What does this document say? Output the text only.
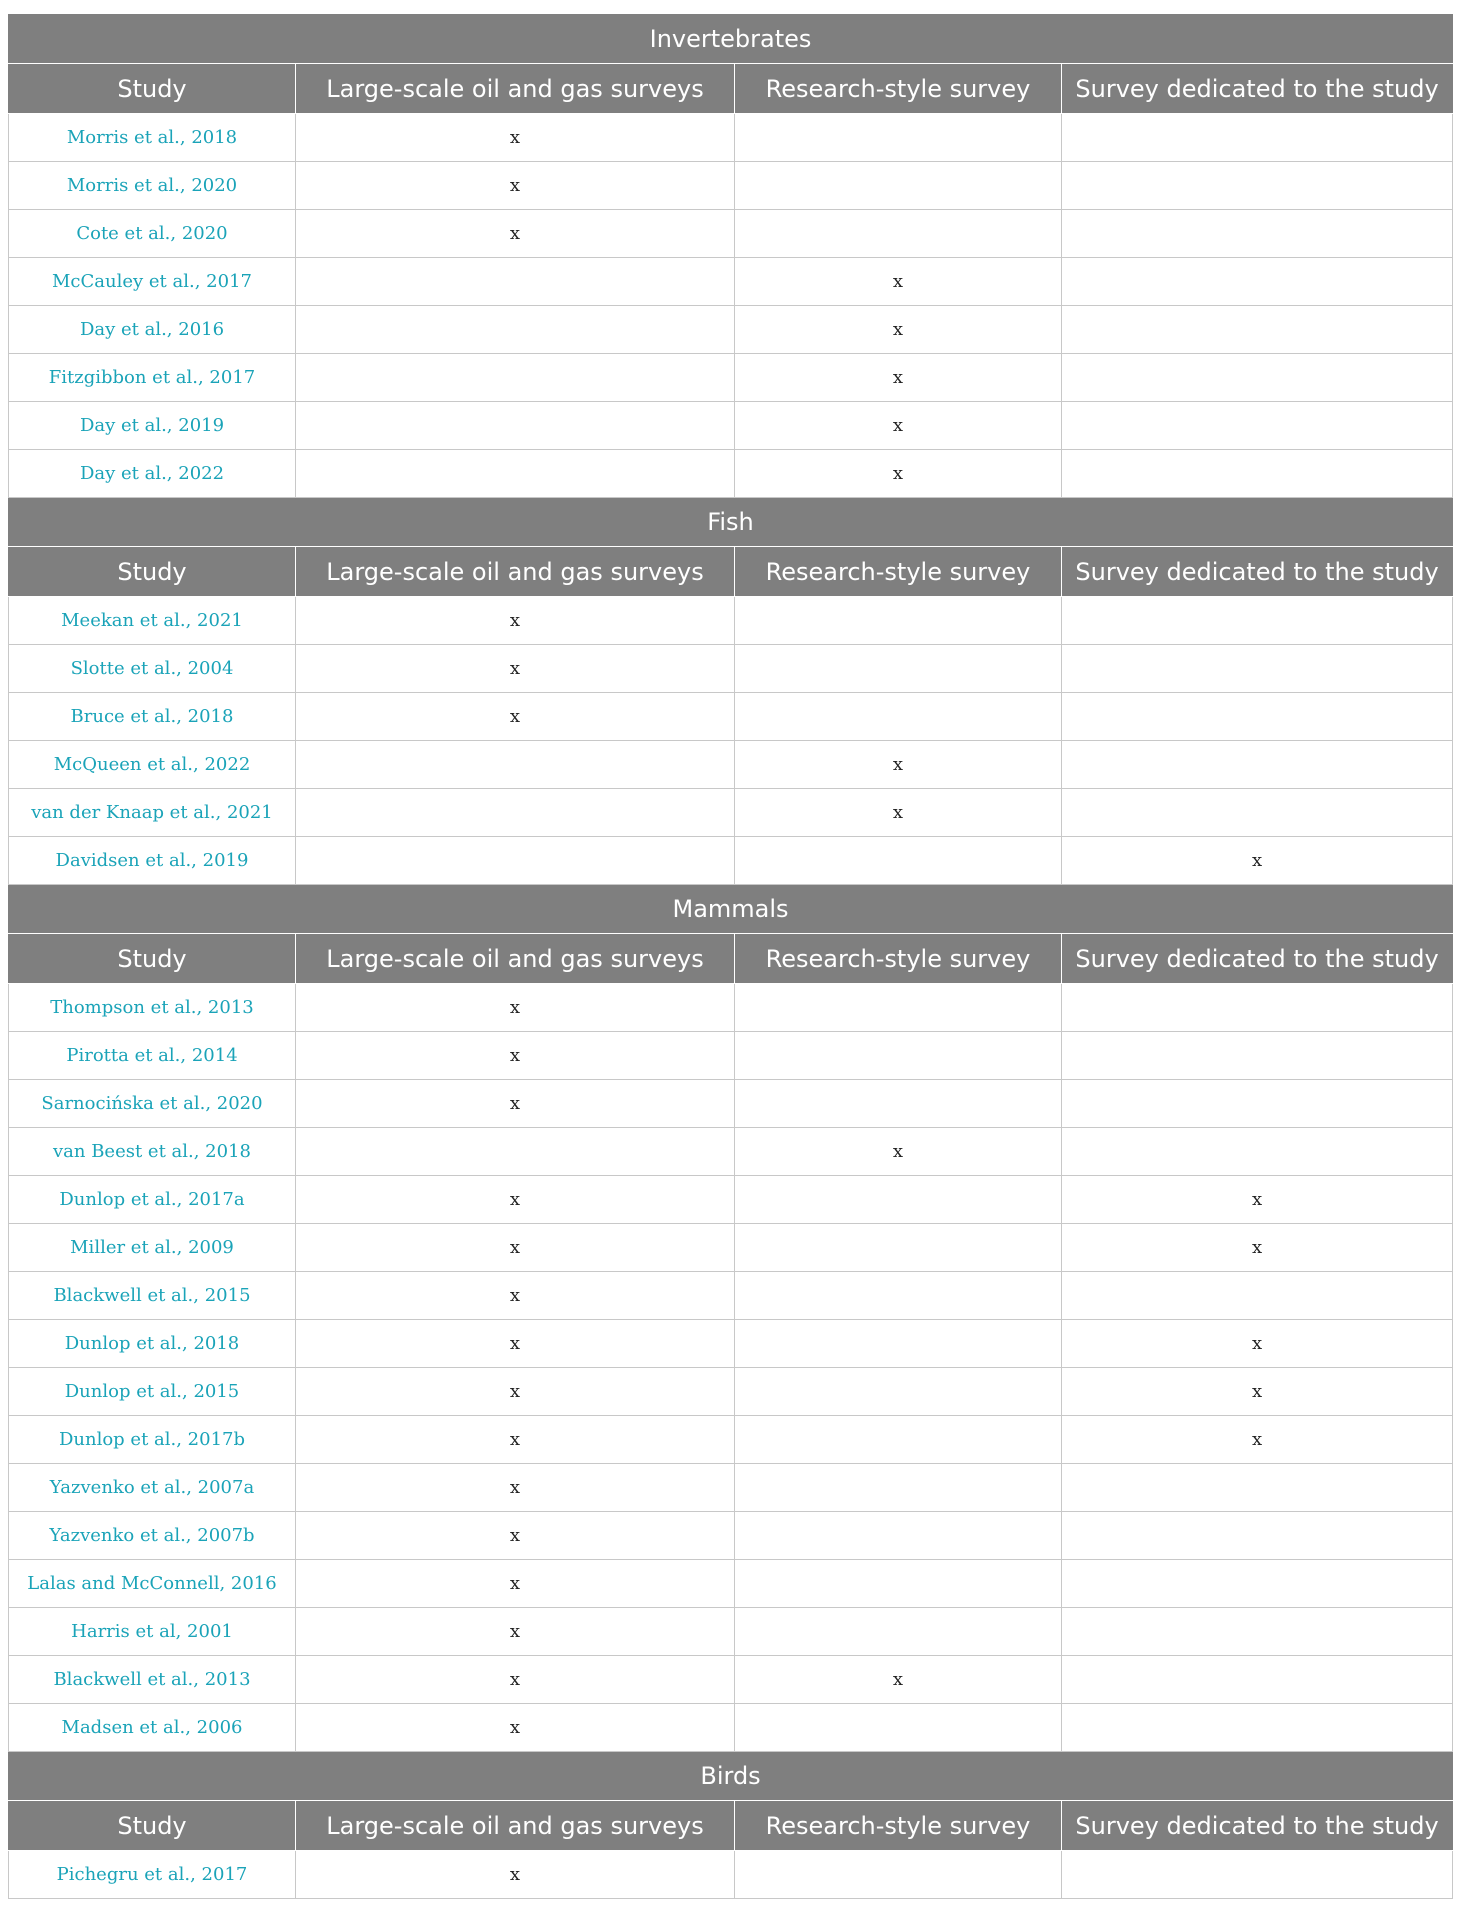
Invertebrates			
Study	Large-scale oil and gas surveys	Research-style survey	Survey dedicated to the study
Morris et al., 2018	x		
Morris et al., 2020	x		
Cote et al., 2020	x		
McCauley et al., 2017		x	
Day et al., 2016		x	
Fitzgibbon et al., 2017		x	
Day et al., 2019		x	
Day et al., 2022		x	
Fish			
Study	Large-scale oil and gas surveys	Research-style survey	Survey dedicated to the study
Meekan et al., 2021	x		
Slotte et al., 2004	x		
Bruce et al., 2018	x		
McQueen et al., 2022		x	
van der Knaap et al., 2021		x	
Davidsen et al., 2019			x
Mammals			
Study	Large-scale oil and gas surveys	Research-style survey	Survey dedicated to the study
Thompson et al., 2013	x		
Pirotta et al., 2014	x		
Sarnocińska et al., 2020	x		
van Beest et al., 2018		x	
Dunlop et al., 2017a	x		x
Miller et al., 2009	x		x
Blackwell et al., 2015	x		
Dunlop et al., 2018	x		x
Dunlop et al., 2015	x		x
Dunlop et al., 2017b	x		x
Yazvenko et al., 2007a	x		
Yazvenko et al., 2007b	x		
Lalas and McConnell, 2016	x		
Harris et al, 2001	x		
Blackwell et al., 2013	x	x	
Madsen et al., 2006	x		
Birds			
Study	Large-scale oil and gas surveys	Research-style survey	Survey dedicated to the study
Pichegru et al., 2017	x		
